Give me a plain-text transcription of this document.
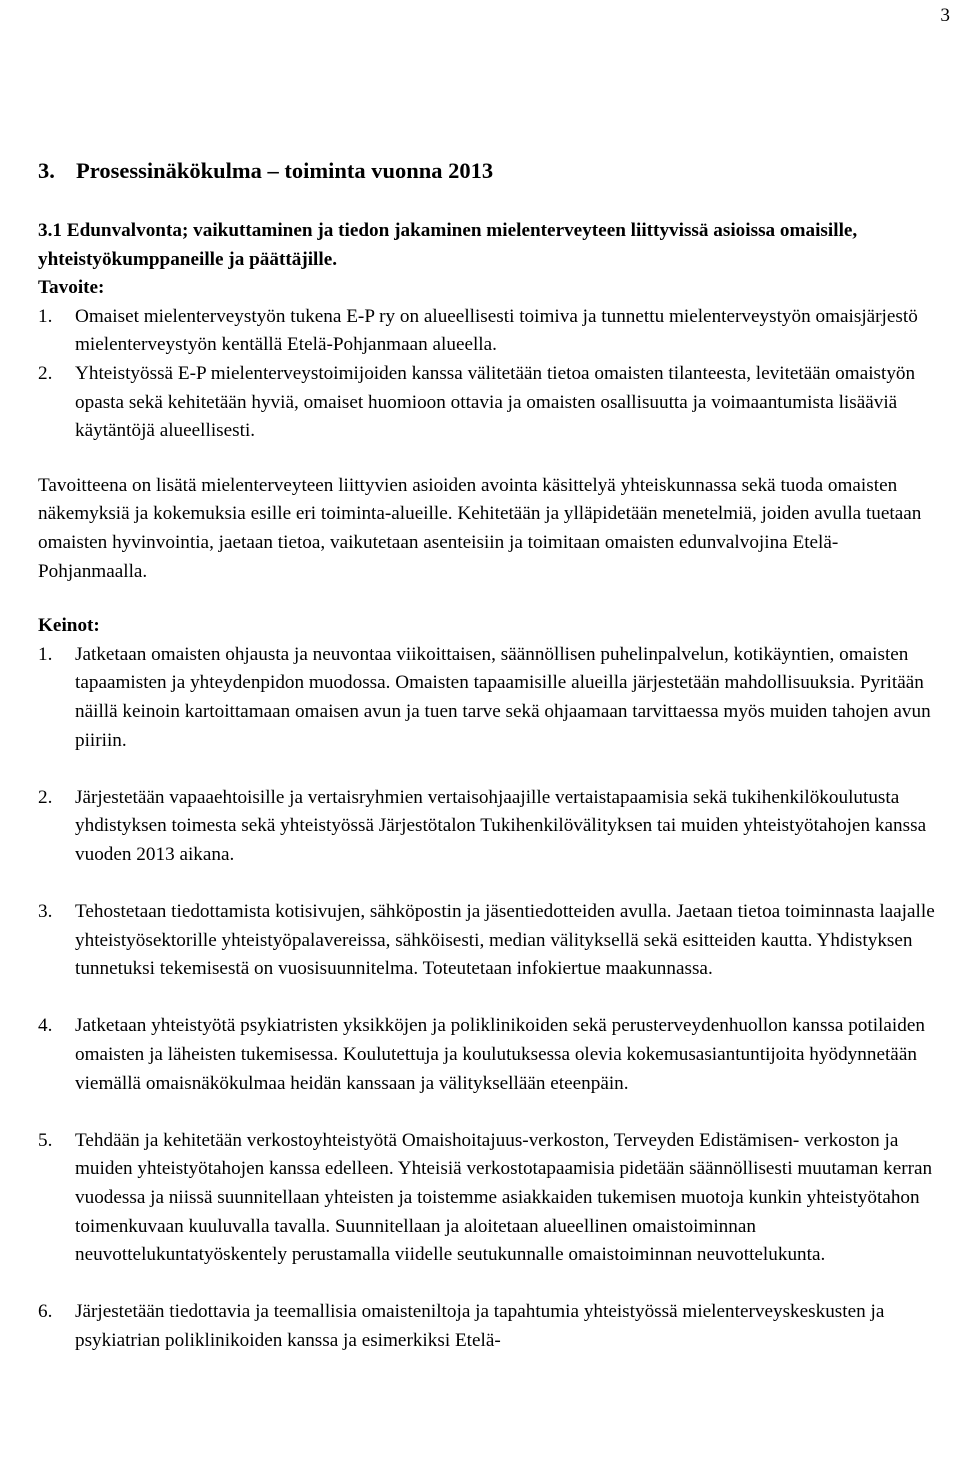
3
3. Prosessinäkökulma – toiminta vuonna 2013

3.1 Edunvalvonta; vaikuttaminen ja tiedon jakaminen mielenterveyteen liittyvissä asioissa omaisille, yhteistyökumppaneille ja päättäjille.

Tavoite:

1.	Omaiset mielenterveystyön tukena E-P ry on alueellisesti toimiva ja tunnettu mielenterveystyön omaisjärjestö mielenterveystyön kentällä Etelä-Pohjanmaan alueella.
2.	Yhteistyössä E-P mielenterveystoimijoiden kanssa välitetään tietoa omaisten tilanteesta, levitetään omaistyön opasta sekä kehitetään hyviä, omaiset huomioon ottavia ja omaisten osallisuutta ja voimaantumista lisääviä käytäntöjä alueellisesti.

Tavoitteena on lisätä mielenterveyteen liittyvien asioiden avointa käsittelyä yhteiskunnassa sekä tuoda omaisten näkemyksiä ja kokemuksia esille eri toiminta-alueille. Kehitetään ja ylläpidetään menetelmiä, joiden avulla tuetaan omaisten hyvinvointia, jaetaan tietoa, vaikutetaan asenteisiin ja toimitaan omaisten edunvalvojina Etelä-Pohjanmaalla.

Keinot:

1.	Jatketaan omaisten ohjausta ja neuvontaa viikoittaisen, säännöllisen puhelinpalvelun, kotikäyntien, omaisten tapaamisten ja yhteydenpidon muodossa. Omaisten tapaamisille alueilla järjestetään mahdollisuuksia. Pyritään näillä keinoin kartoittamaan omaisen avun ja tuen tarve sekä ohjaamaan tarvittaessa myös muiden tahojen avun piiriin.
2.	Järjestetään vapaaehtoisille ja vertaisryhmien vertaisohjaajille vertaistapaamisia sekä tukihenkilökoulutusta yhdistyksen toimesta sekä yhteistyössä Järjestötalon Tukihenkilövälityksen tai muiden yhteistyötahojen kanssa vuoden 2013 aikana.
3.	Tehostetaan tiedottamista kotisivujen, sähköpostin ja jäsentiedotteiden avulla. Jaetaan tietoa toiminnasta laajalle yhteistyösektorille yhteistyöpalavereissa, sähköisesti, median välityksellä sekä esitteiden kautta. Yhdistyksen tunnetuksi tekemisestä on vuosisuunnitelma. Toteutetaan infokiertue maakunnassa.
4.	Jatketaan yhteistyötä psykiatristen yksikköjen ja poliklinikoiden sekä perusterveydenhuollon kanssa potilaiden omaisten ja läheisten tukemisessa. Koulutettuja ja koulutuksessa olevia kokemusasiantuntijoita hyödynnetään viemällä omaisnäkökulmaa heidän kanssaan ja välityksellään eteenpäin.
5.	Tehdään ja kehitetään verkostoyhteistyötä Omaishoitajuus-verkoston, Terveyden Edistämisen- verkoston ja muiden yhteistyötahojen kanssa edelleen. Yhteisiä verkostotapaamisia pidetään säännöllisesti muutaman kerran vuodessa ja niissä suunnitellaan yhteisten ja toistemme asiakkaiden tukemisen muotoja kunkin yhteistyötahon toimenkuvaan kuuluvalla tavalla. Suunnitellaan ja aloitetaan alueellinen omaistoiminnan neuvottelukuntatyöskentely perustamalla viidelle seutukunnalle omaistoiminnan neuvottelukunta.
6.	Järjestetään tiedottavia ja teemallisia omaisteniltoja ja tapahtumia yhteistyössä mielenterveyskeskusten ja psykiatrian poliklinikoiden kanssa ja esimerkiksi Etelä-
